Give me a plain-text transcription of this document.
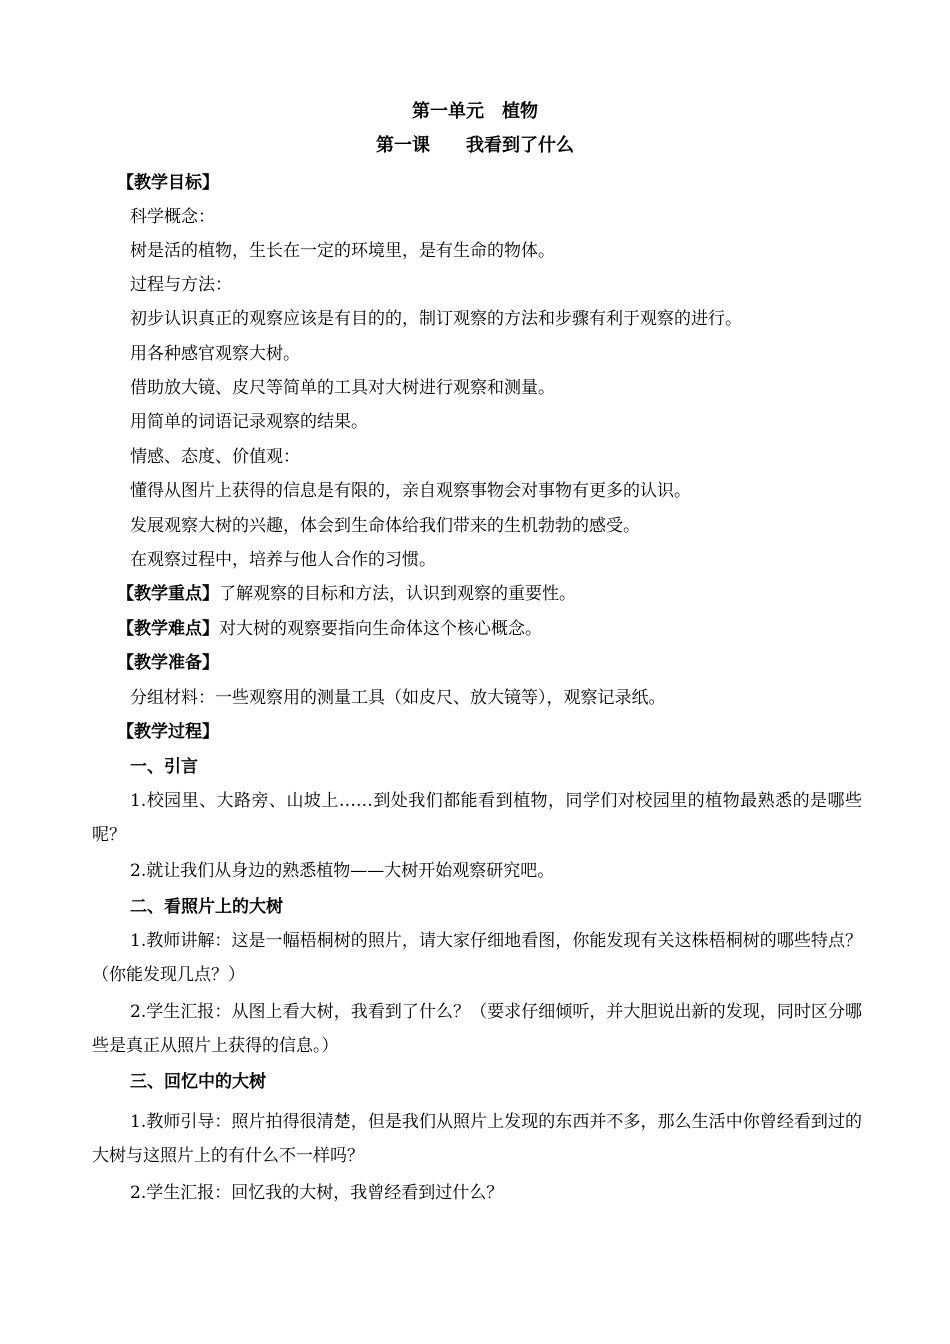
第一单元　植物
第一课　　我看到了什么
【教学目标】
科学概念：
树是活的植物，生长在一定的环境里，是有生命的物体。
过程与方法：
初步认识真正的观察应该是有目的的，制订观察的方法和步骤有利于观察的进行。
用各种感官观察大树。
借助放大镜、皮尺等简单的工具对大树进行观察和测量。
用简单的词语记录观察的结果。
情感、态度、价值观：
懂得从图片上获得的信息是有限的，亲自观察事物会对事物有更多的认识。
发展观察大树的兴趣，体会到生命体给我们带来的生机勃勃的感受。
在观察过程中，培养与他人合作的习惯。
【教学重点】了解观察的目标和方法，认识到观察的重要性。
【教学难点】对大树的观察要指向生命体这个核心概念。
【教学准备】
分组材料：一些观察用的测量工具（如皮尺、放大镜等），观察记录纸。
【教学过程】
一、引言
1.校园里、大路旁、山坡上……到处我们都能看到植物，同学们对校园里的植物最熟悉的是哪些呢？
2.就让我们从身边的熟悉植物——大树开始观察研究吧。
二、看照片上的大树
1.教师讲解：这是一幅梧桐树的照片，请大家仔细地看图，你能发现有关这株梧桐树的哪些特点？（你能发现几点？）
2.学生汇报：从图上看大树，我看到了什么？（要求仔细倾听，并大胆说出新的发现，同时区分哪些是真正从照片上获得的信息。）
三、回忆中的大树
1.教师引导：照片拍得很清楚，但是我们从照片上发现的东西并不多，那么生活中你曾经看到过的大树与这照片上的有什么不一样吗？
2.学生汇报：回忆我的大树，我曾经看到过什么？
